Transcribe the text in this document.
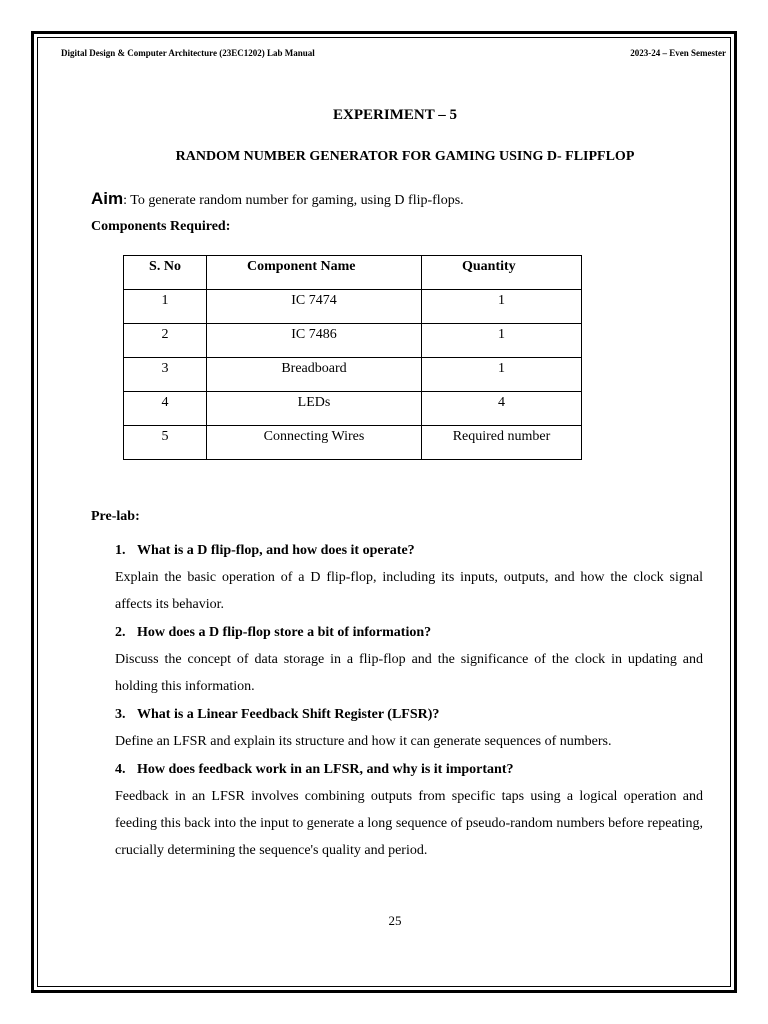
Digital Design & Computer Architecture (23EC1202) Lab Manual	2023-24 – Even Semester
EXPERIMENT – 5
RANDOM NUMBER GENERATOR FOR GAMING USING D- FLIPFLOP
Aim: To generate random number for gaming, using D flip-flops.
Components Required:
S. No	Component Name	Quantity
1	IC 7474	1
2	IC 7486	1
3	Breadboard	1
4	LEDs	4
5	Connecting Wires	Required number
Pre-lab:

1. What is a D flip-flop, and how does it operate?

Explain the basic operation of a D flip-flop, including its inputs, outputs, and how the clock signal affects its behavior.

2. How does a D flip-flop store a bit of information?

Discuss the concept of data storage in a flip-flop and the significance of the clock in updating and holding this information.

3. What is a Linear Feedback Shift Register (LFSR)?

Define an LFSR and explain its structure and how it can generate sequences of numbers.

4. How does feedback work in an LFSR, and why is it important?

Feedback in an LFSR involves combining outputs from specific taps using a logical operation and feeding this back into the input to generate a long sequence of pseudo-random numbers before repeating, crucially determining the sequence's quality and period.

25
